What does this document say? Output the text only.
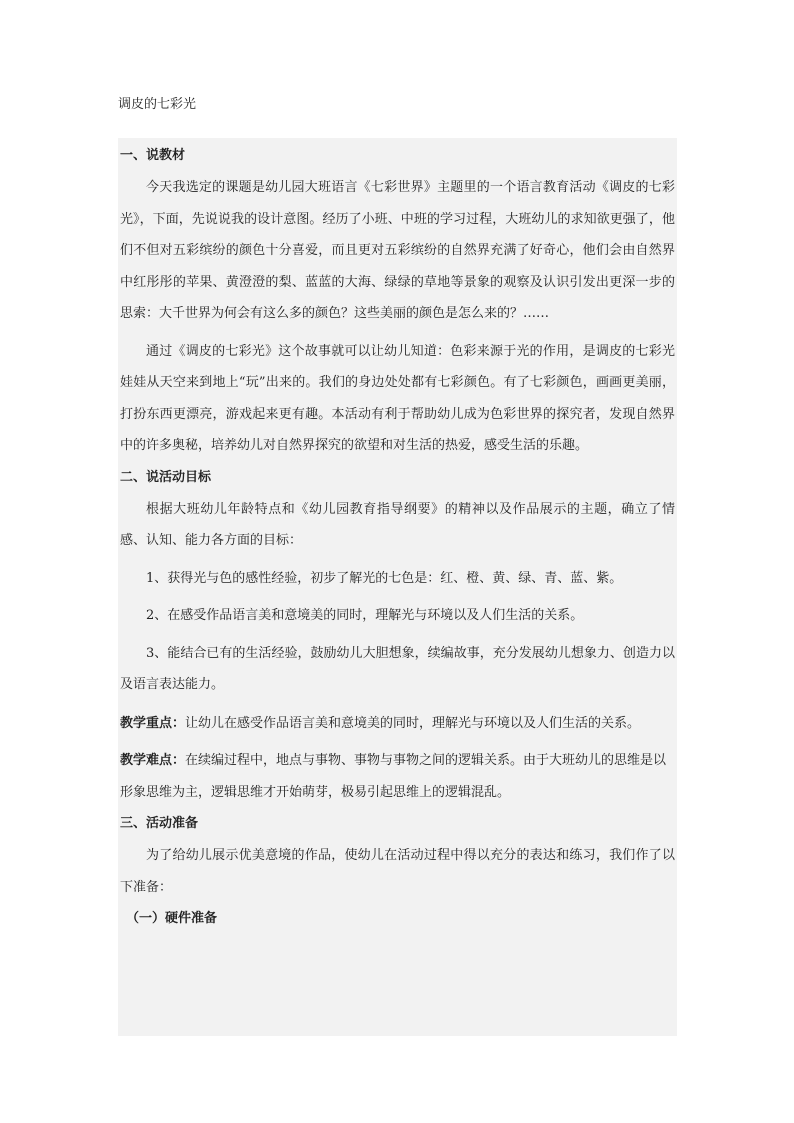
调皮的七彩光

一、说教材

今天我选定的课题是幼儿园大班语言《七彩世界》主题里的一个语言教育活动《调皮的七彩光》，下面，先说说我的设计意图。经历了小班、中班的学习过程，大班幼儿的求知欲更强了，他们不但对五彩缤纷的颜色十分喜爱，而且更对五彩缤纷的自然界充满了好奇心，他们会由自然界中红彤彤的苹果、黄澄澄的梨、蓝蓝的大海、绿绿的草地等景象的观察及认识引发出更深一步的思索：大千世界为何会有这么多的颜色？这些美丽的颜色是怎么来的？……

通过《调皮的七彩光》这个故事就可以让幼儿知道：色彩来源于光的作用，是调皮的七彩光娃娃从天空来到地上“玩”出来的。我们的身边处处都有七彩颜色。有了七彩颜色，画画更美丽，打扮东西更漂亮，游戏起来更有趣。本活动有利于帮助幼儿成为色彩世界的探究者，发现自然界中的许多奥秘，培养幼儿对自然界探究的欲望和对生活的热爱，感受生活的乐趣。

二、说活动目标

根据大班幼儿年龄特点和《幼儿园教育指导纲要》的精神以及作品展示的主题，确立了情感、认知、能力各方面的目标：

1、获得光与色的感性经验，初步了解光的七色是：红、橙、黄、绿、青、蓝、紫。

2、在感受作品语言美和意境美的同时，理解光与环境以及人们生活的关系。

3、能结合已有的生活经验，鼓励幼儿大胆想象，续编故事，充分发展幼儿想象力、创造力以及语言表达能力。

教学重点：让幼儿在感受作品语言美和意境美的同时，理解光与环境以及人们生活的关系。

教学难点：在续编过程中，地点与事物、事物与事物之间的逻辑关系。由于大班幼儿的思维是以形象思维为主，逻辑思维才开始萌芽，极易引起思维上的逻辑混乱。

三、活动准备

为了给幼儿展示优美意境的作品，使幼儿在活动过程中得以充分的表达和练习，我们作了以下准备：

（一）硬件准备
